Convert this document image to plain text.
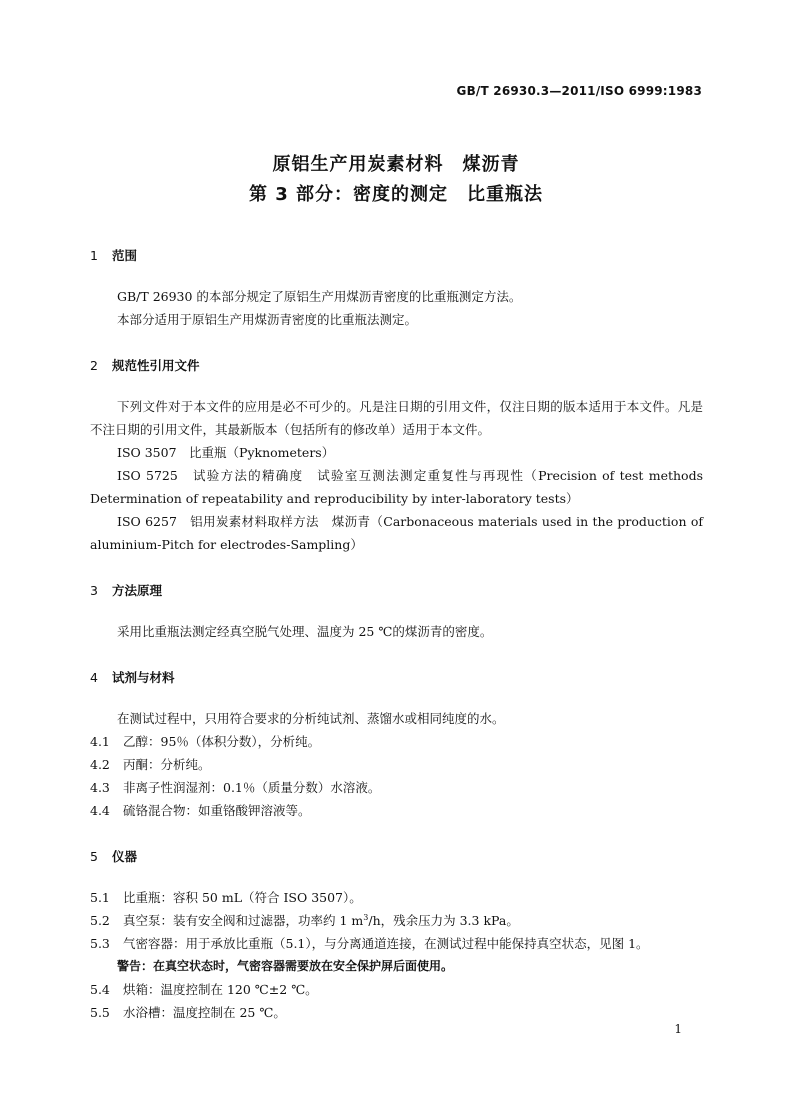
GB/T 26930.3—2011/ISO 6999:1983
原铝生产用炭素材料　煤沥青
第 3 部分：密度的测定　比重瓶法
1 范围

GB/T 26930 的本部分规定了原铝生产用煤沥青密度的比重瓶测定方法。

本部分适用于原铝生产用煤沥青密度的比重瓶法测定。

2 规范性引用文件

下列文件对于本文件的应用是必不可少的。凡是注日期的引用文件，仅注日期的版本适用于本文件。凡是不注日期的引用文件，其最新版本（包括所有的修改单）适用于本文件。

ISO 3507　比重瓶（Pyknometers）

ISO 5725　试验方法的精确度　试验室互测法测定重复性与再现性（Precision of test methods Determination of repeatability and reproducibility by inter-laboratory tests）

ISO 6257　铝用炭素材料取样方法　煤沥青（Carbonaceous materials used in the production of aluminium-Pitch for electrodes-Sampling）

3 方法原理

采用比重瓶法测定经真空脱气处理、温度为 25 ℃的煤沥青的密度。

4 试剂与材料

在测试过程中，只用符合要求的分析纯试剂、蒸馏水或相同纯度的水。

4.1 乙醇：95％（体积分数），分析纯。

4.2 丙酮：分析纯。

4.3 非离子性润湿剂：0.1％（质量分数）水溶液。

4.4 硫铬混合物：如重铬酸钾溶液等。

5 仪器

5.1 比重瓶：容积 50 mL（符合 ISO 3507）。

5.2 真空泵：装有安全阀和过滤器，功率约 1 $m^3/h$，残余压力为 3.3 kPa。

5.3 气密容器：用于承放比重瓶（5.1），与分离通道连接，在测试过程中能保持真空状态，见图 1。

警告：在真空状态时，气密容器需要放在安全保护屏后面使用。

5.4 烘箱：温度控制在 120 ℃±2 ℃。

5.5 水浴槽：温度控制在 25 ℃。

1
